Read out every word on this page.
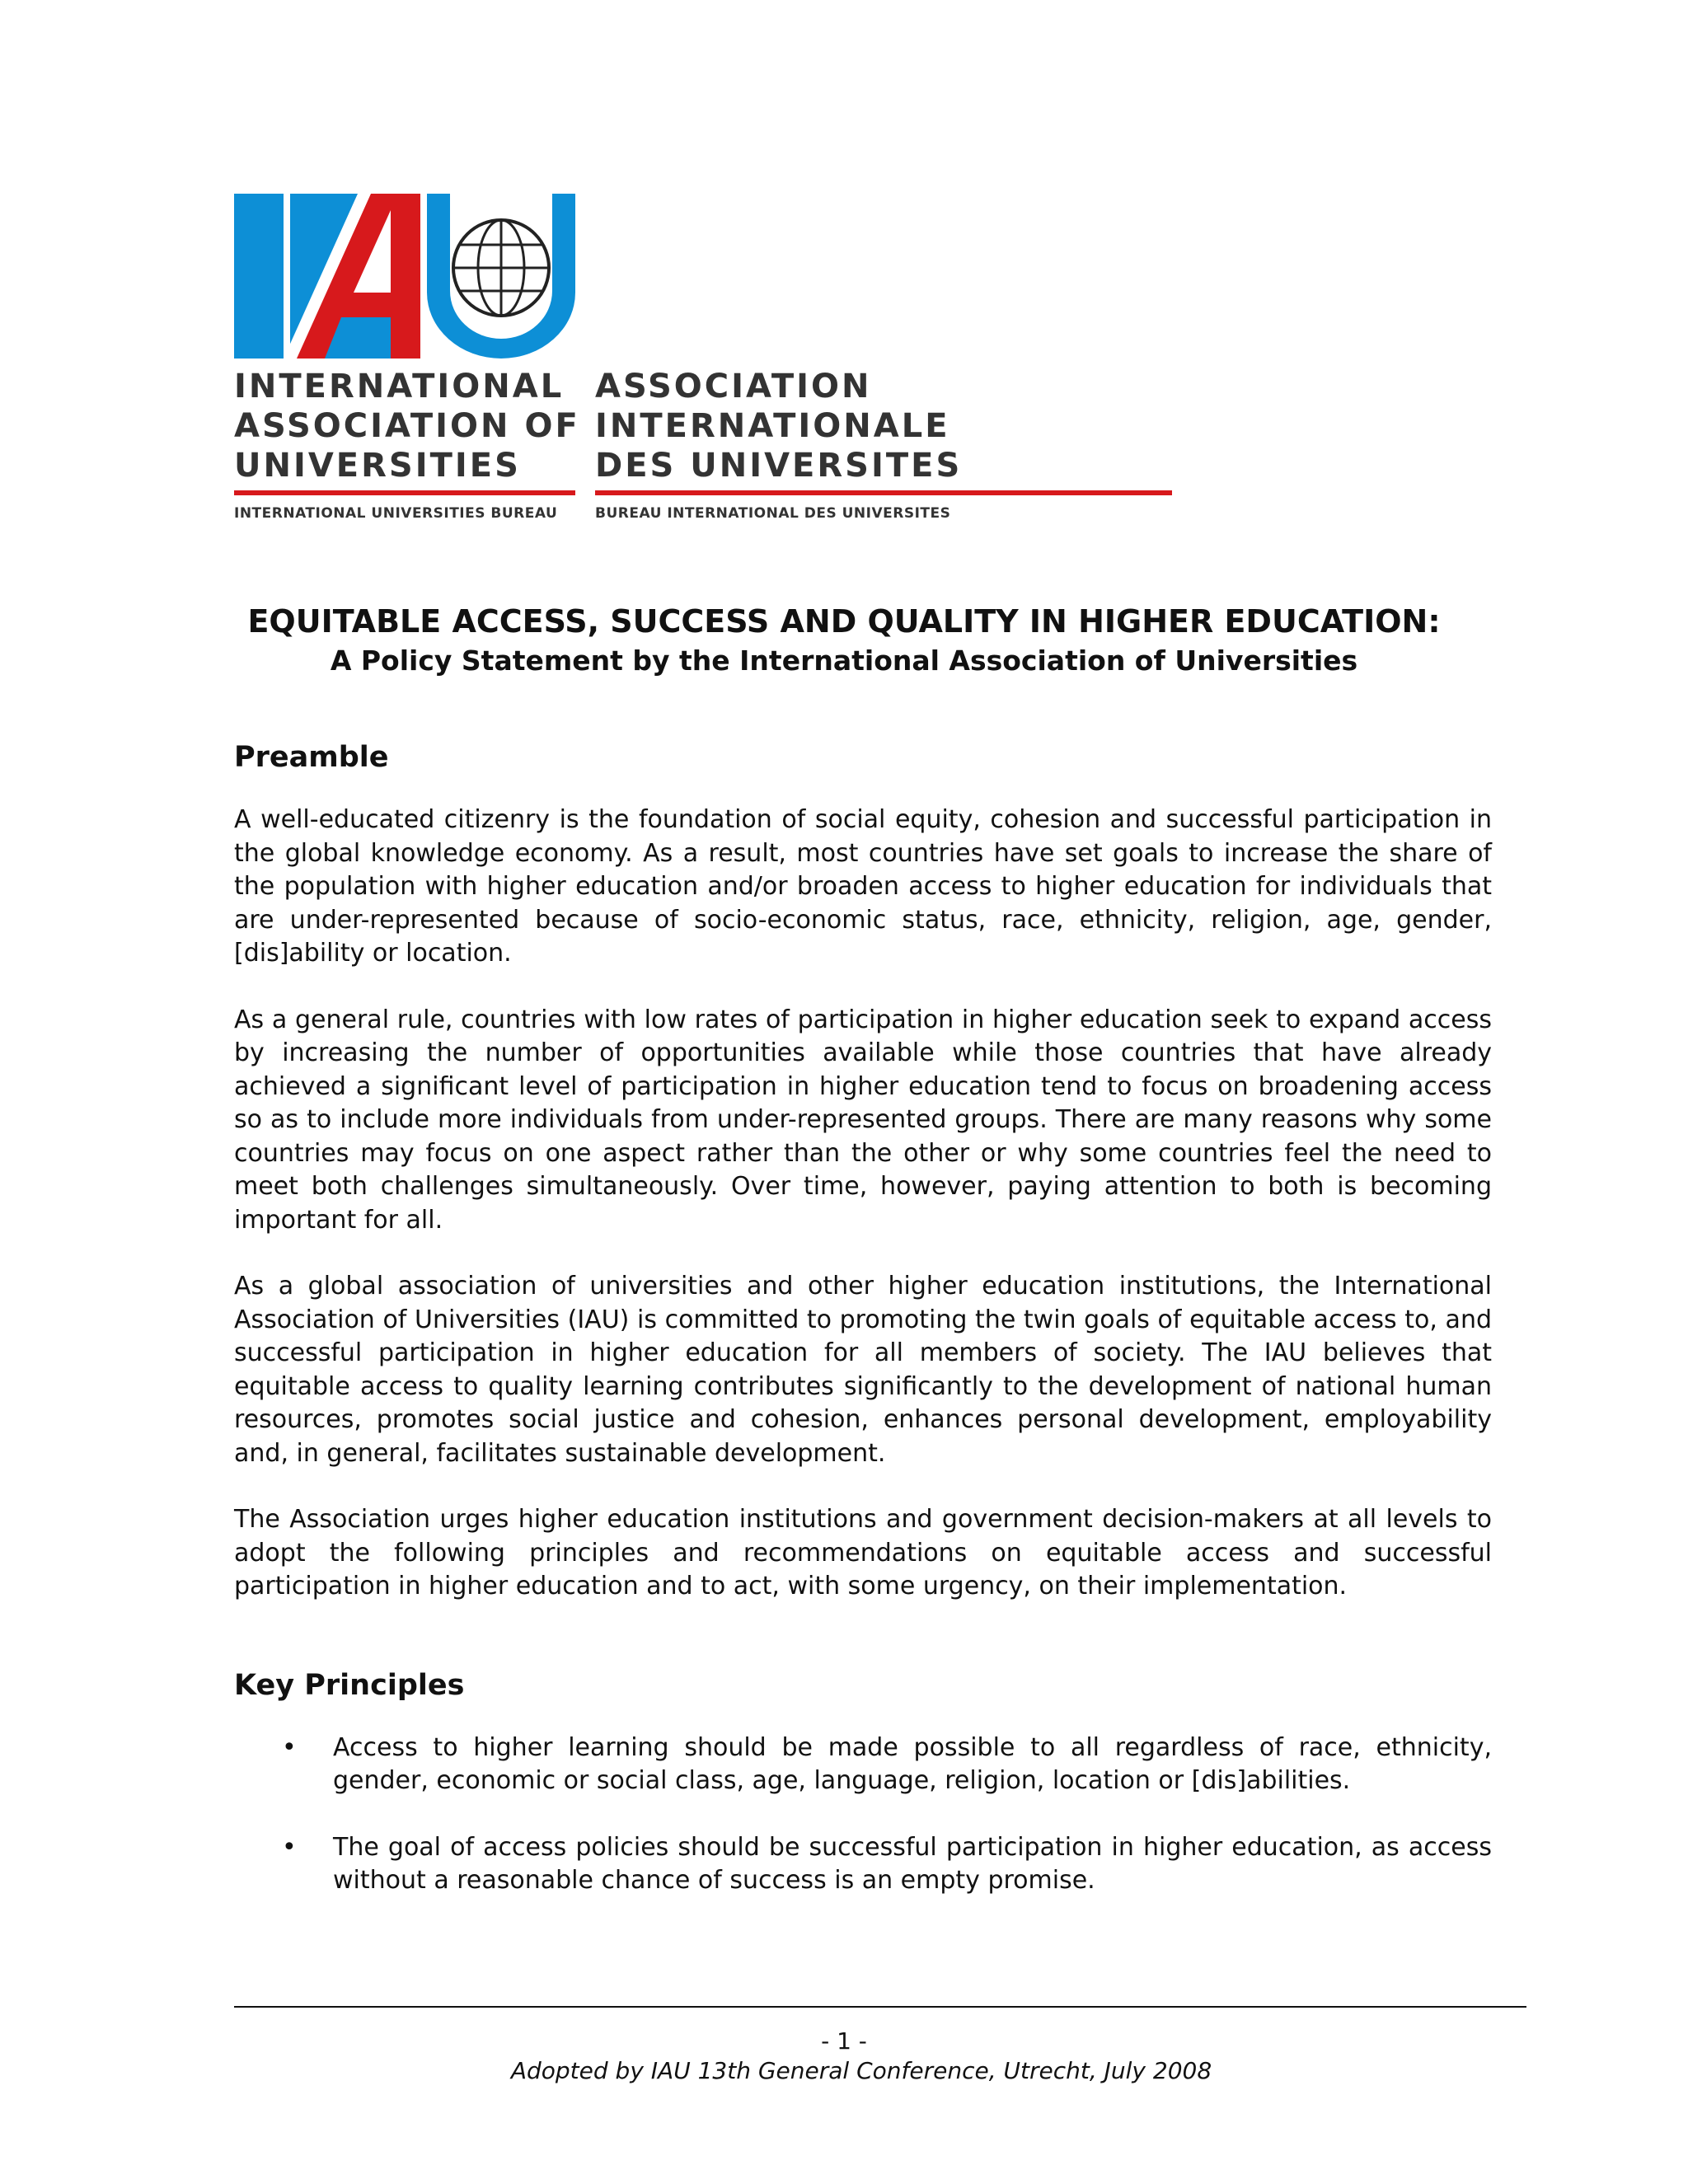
INTERNATIONAL
ASSOCIATION OF
UNIVERSITIES
ASSOCIATION
INTERNATIONALE
DES UNIVERSITES
INTERNATIONAL UNIVERSITIES BUREAU	BUREAU INTERNATIONAL DES UNIVERSITES
EQUITABLE ACCESS, SUCCESS AND QUALITY IN HIGHER EDUCATION:
A Policy Statement by the International Association of Universities
Preamble

A well-educated citizenry is the foundation of social equity, cohesion and successful participation in the global knowledge economy. As a result, most countries have set goals to increase the share of the population with higher education and/or broaden access to higher education for individuals that are under-represented because of socio-economic status, race, ethnicity, religion, age, gender, [dis]ability or location.

As a general rule, countries with low rates of participation in higher education seek to expand access by increasing the number of opportunities available while those countries that have already achieved a significant level of participation in higher education tend to focus on broadening access so as to include more individuals from under-represented groups. There are many reasons why some countries may focus on one aspect rather than the other or why some countries feel the need to meet both challenges simultaneously. Over time, however, paying attention to both is becoming important for all.

As a global association of universities and other higher education institutions, the International Association of Universities (IAU) is committed to promoting the twin goals of equitable access to, and successful participation in higher education for all members of society. The IAU believes that equitable access to quality learning contributes significantly to the development of national human resources, promotes social justice and cohesion, enhances personal development, employability and, in general, facilitates sustainable development.

The Association urges higher education institutions and government decision-makers at all levels to adopt the following principles and recommendations on equitable access and successful participation in higher education and to act, with some urgency, on their implementation.

Key Principles
• Access to higher learning should be made possible to all regardless of race, ethnicity, gender, economic or social class, age, language, religion, location or [dis]abilities.
• The goal of access policies should be successful participation in higher education, as access without a reasonable chance of success is an empty promise.
- 1 -
Adopted by IAU 13th General Conference, Utrecht, July 2008
